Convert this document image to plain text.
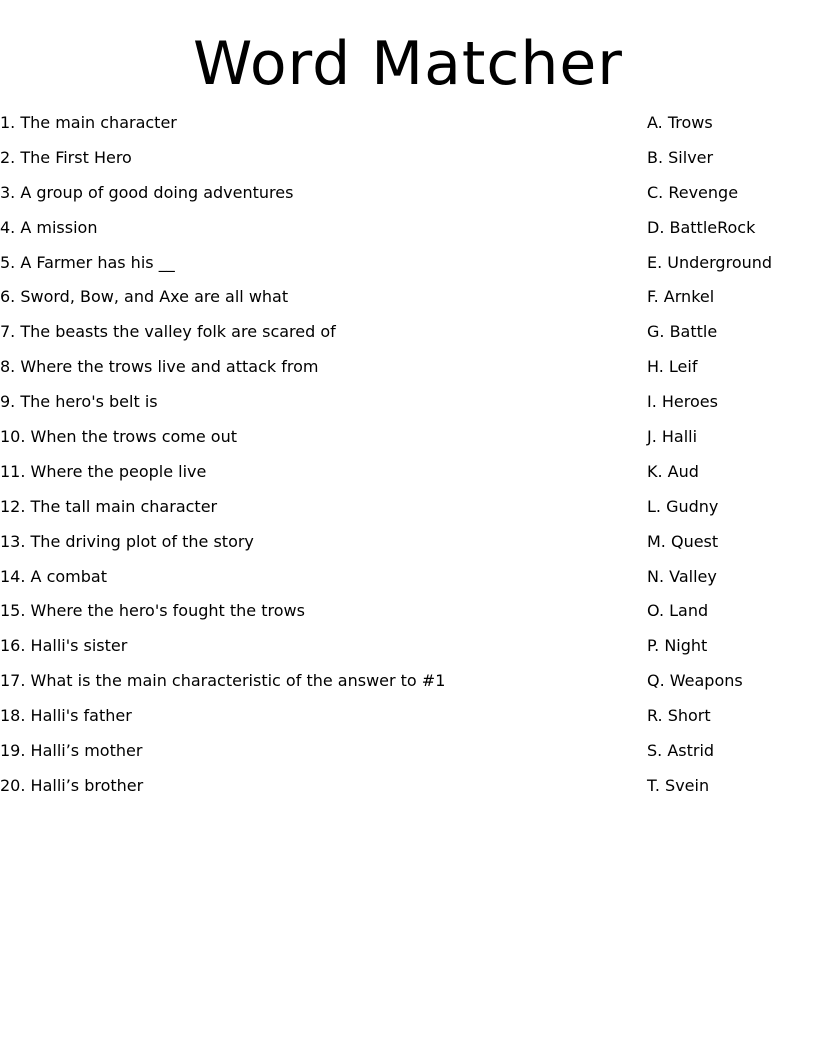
Word Matcher
1. The main character
2. The First Hero
3. A group of good doing adventures
4. A mission
5. A Farmer has his __
6. Sword, Bow, and Axe are all what
7. The beasts the valley folk are scared of
8. Where the trows live and attack from
9. The hero's belt is
10. When the trows come out
11. Where the people live
12. The tall main character
13. The driving plot of the story
14. A combat
15. Where the hero's fought the trows
16. Halli's sister
17. What is the main characteristic of the answer to #1
18. Halli's father
19. Halli’s mother
20. Halli’s brother
A. Trows
B. Silver
C. Revenge
D. BattleRock
E. Underground
F. Arnkel
G. Battle
H. Leif
I. Heroes
J. Halli
K. Aud
L. Gudny
M. Quest
N. Valley
O. Land
P. Night
Q. Weapons
R. Short
S. Astrid
T. Svein
